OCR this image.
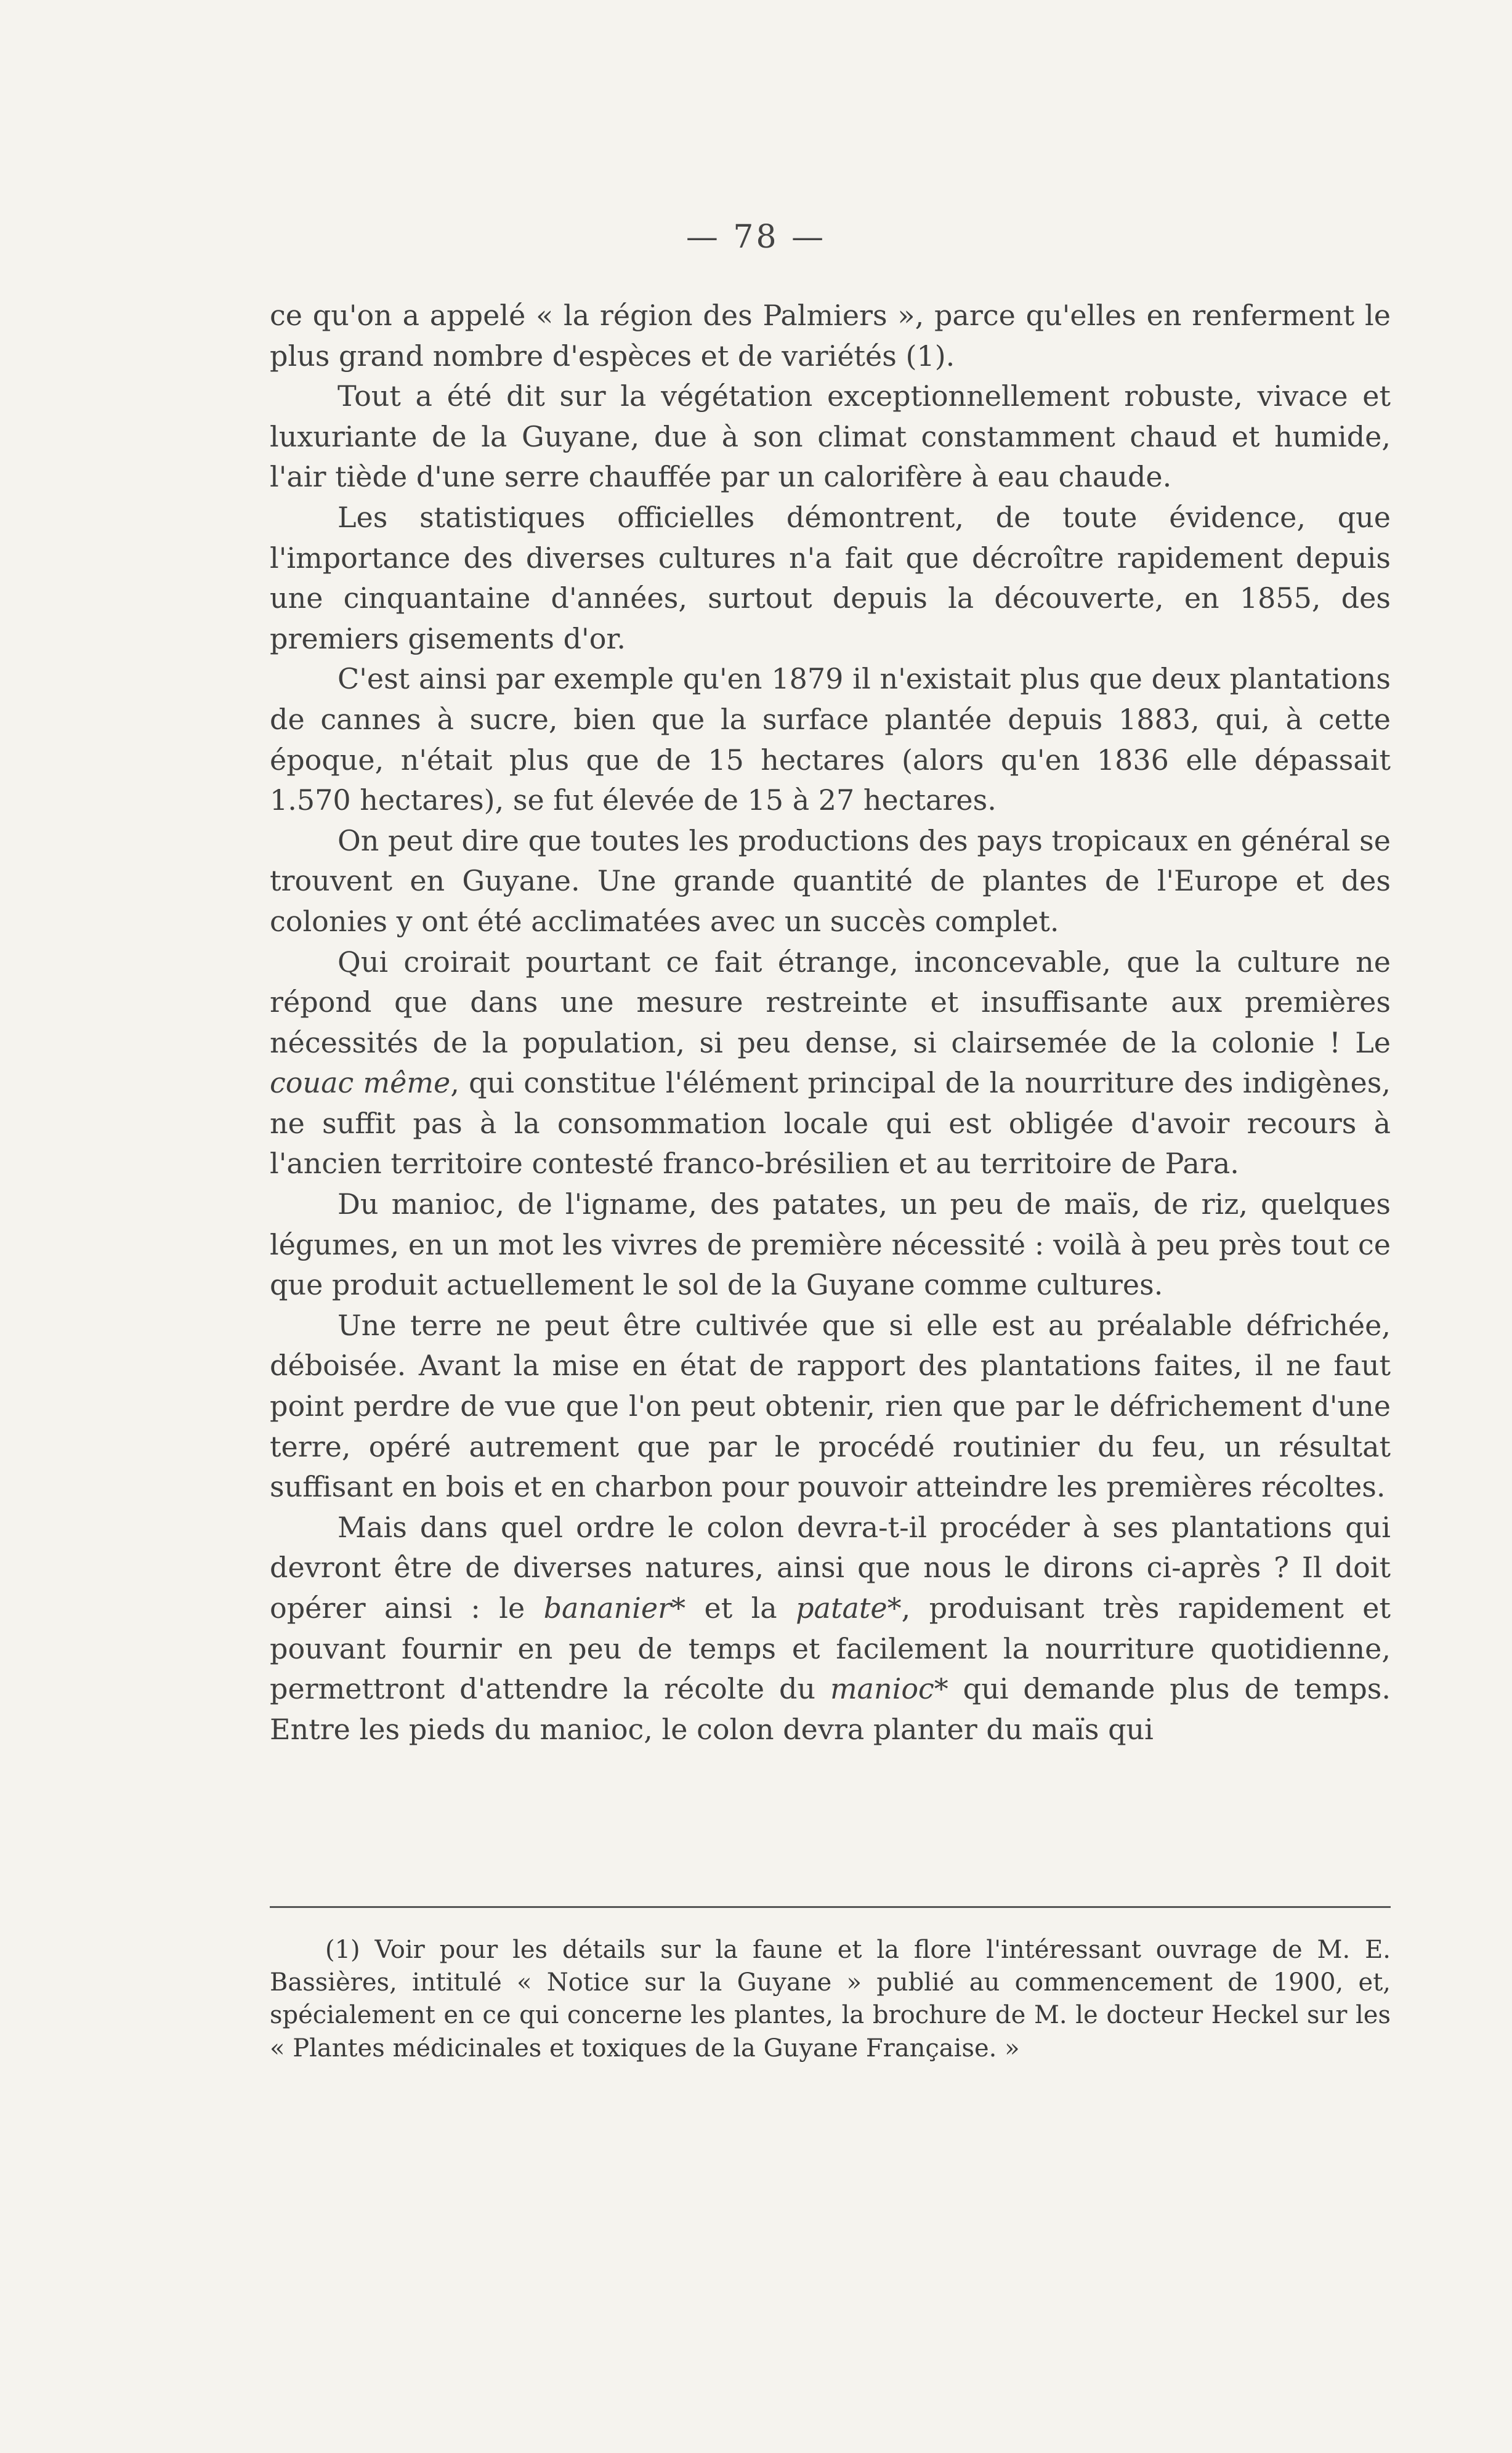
— 78 —

ce qu'on a appelé « la région des Palmiers », parce qu'elles en renferment le plus grand nombre d'espèces et de variétés (1).

Tout a été dit sur la végétation exceptionnellement robuste, vivace et luxuriante de la Guyane, due à son climat constamment chaud et humide, l'air tiède d'une serre chauffée par un calorifère à eau chaude.

Les statistiques officielles démontrent, de toute évidence, que l'importance des diverses cultures n'a fait que décroître rapidement depuis une cinquantaine d'années, surtout depuis la découverte, en 1855, des premiers gisements d'or.

C'est ainsi par exemple qu'en 1879 il n'existait plus que deux plantations de cannes à sucre, bien que la surface plantée depuis 1883, qui, à cette époque, n'était plus que de 15 hectares (alors qu'en 1836 elle dépassait 1.570 hectares), se fut élevée de 15 à 27 hectares.

On peut dire que toutes les productions des pays tropicaux en général se trouvent en Guyane. Une grande quantité de plantes de l'Europe et des colonies y ont été acclimatées avec un succès complet.

Qui croirait pourtant ce fait étrange, inconcevable, que la culture ne répond que dans une mesure restreinte et insuffisante aux premières nécessités de la population, si peu dense, si clairsemée de la colonie ! Le couac même, qui constitue l'élément principal de la nourriture des indigènes, ne suffit pas à la consommation locale qui est obligée d'avoir recours à l'ancien territoire contesté franco-brésilien et au territoire de Para.

Du manioc, de l'igname, des patates, un peu de maïs, de riz, quelques légumes, en un mot les vivres de première nécessité : voilà à peu près tout ce que produit actuellement le sol de la Guyane comme cultures.

Une terre ne peut être cultivée que si elle est au préalable défrichée, déboisée. Avant la mise en état de rapport des plantations faites, il ne faut point perdre de vue que l'on peut obtenir, rien que par le défrichement d'une terre, opéré autrement que par le procédé routinier du feu, un résultat suffisant en bois et en charbon pour pouvoir atteindre les premières récoltes.

Mais dans quel ordre le colon devra-t-il procéder à ses plantations qui devront être de diverses natures, ainsi que nous le dirons ci-après ? Il doit opérer ainsi : le bananier* et la patate*, produisant très rapidement et pouvant fournir en peu de temps et facilement la nourriture quotidienne, permettront d'attendre la récolte du manioc* qui demande plus de temps. Entre les pieds du manioc, le colon devra planter du maïs qui

(1) Voir pour les détails sur la faune et la flore l'intéressant ouvrage de M. E. Bassières, intitulé « Notice sur la Guyane » publié au commencement de 1900, et, spécialement en ce qui concerne les plantes, la brochure de M. le docteur Heckel sur les « Plantes médicinales et toxiques de la Guyane Française. »
